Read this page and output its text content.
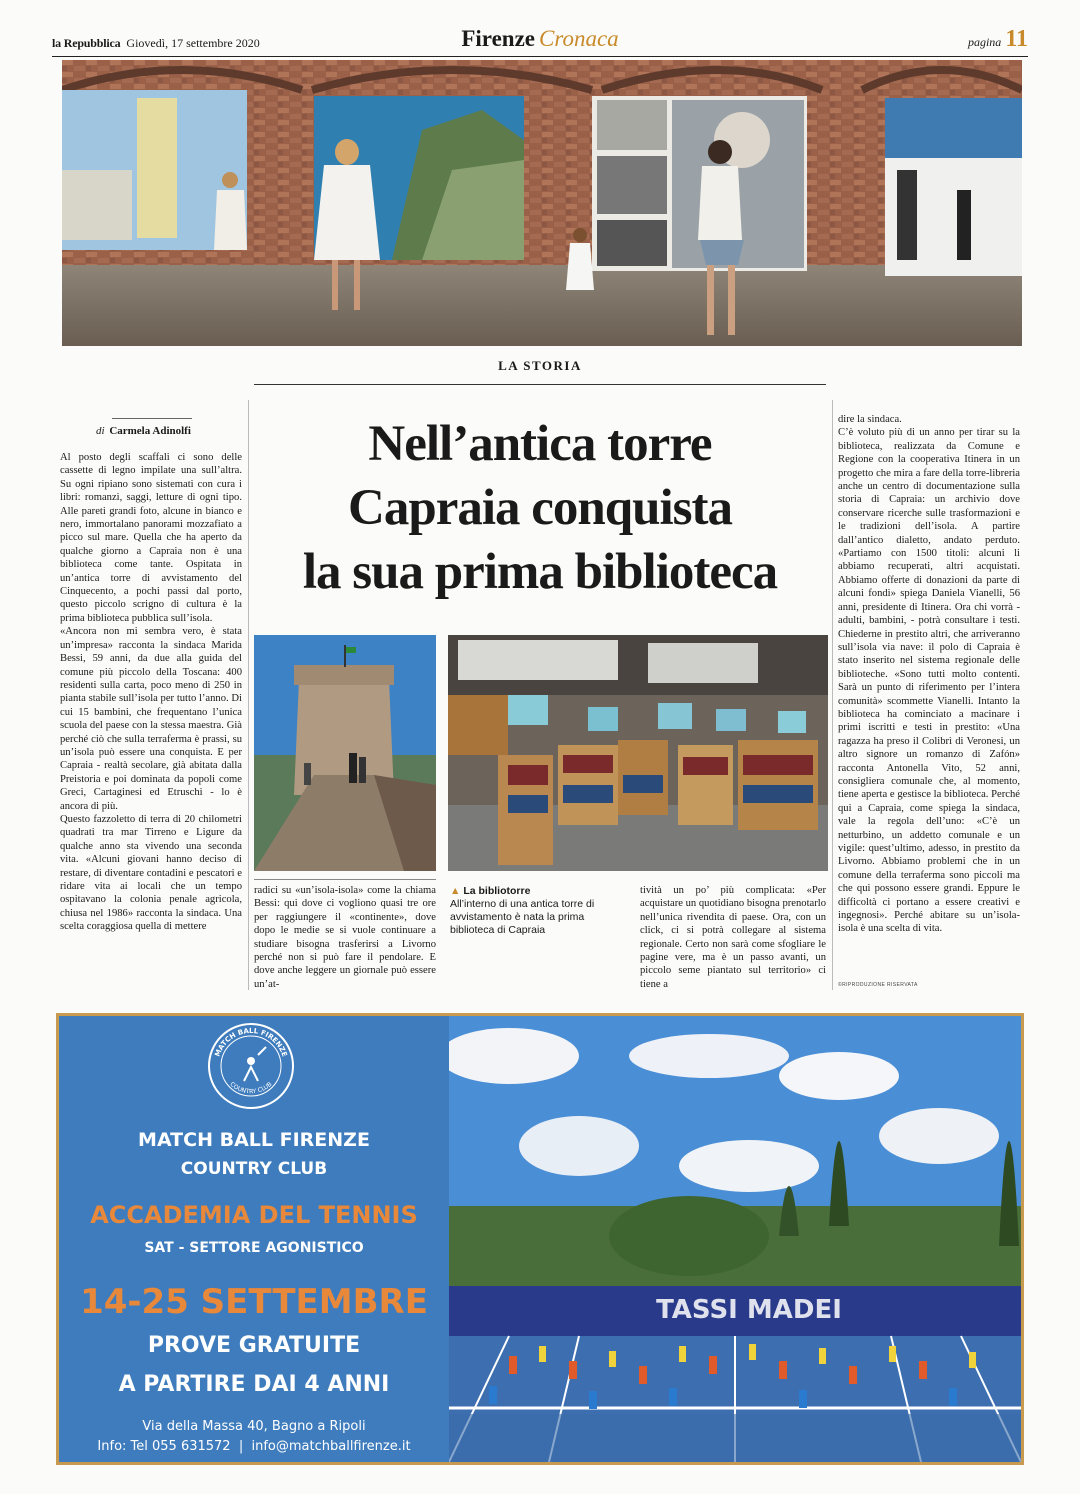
la Repubblica Giovedì, 17 settembre 2020	Firenze Cronaca	pagina 11
LA STORIA
di Carmela Adinolfi
Al posto degli scaffali ci sono delle cassette di legno impilate una sull’altra. Su ogni ripiano sono sistemati con cura i libri: romanzi, saggi, letture di ogni tipo. Alle pareti grandi foto, alcune in bianco e nero, immortalano panorami mozzafiato a picco sul mare. Quella che ha aperto da qualche giorno a Capraia non è una biblioteca come tante. Ospitata in un’antica torre di avvistamento del Cinquecento, a pochi passi dal porto, questo piccolo scrigno di cultura è la prima biblioteca pubblica sull’isola.
«Ancora non mi sembra vero, è stata un’impresa» racconta la sindaca Marida Bessi, 59 anni, da due alla guida del comune più piccolo della Toscana: 400 residenti sulla carta, poco meno di 250 in pianta stabile sull’isola per tutto l’anno. Di cui 15 bambini, che frequentano l’unica scuola del paese con la stessa maestra. Già perché ciò che sulla terraferma è prassi, su un’isola può essere una conquista. E per Capraia - realtà secolare, già abitata dalla Preistoria e poi dominata da popoli come Greci, Cartaginesi ed Etruschi - lo è ancora di più.
Questo fazzoletto di terra di 20 chilometri quadrati tra mar Tirreno e Ligure da qualche anno sta vivendo una seconda vita. «Alcuni giovani hanno deciso di restare, di diventare contadini e pescatori e ridare vita ai locali che un tempo ospitavano la colonia penale agricola, chiusa nel 1986» racconta la sindaca. Una scelta coraggiosa quella di mettere
Nell’antica torre
Capraia conquista
la sua prima biblioteca
radici su «un’isola-isola» come la chiama Bessi: qui dove ci vogliono quasi tre ore per raggiungere il «continente», dove dopo le medie se si vuole continuare a studiare bisogna trasferirsi a Livorno perché non si può fare il pendolare. E dove anche leggere un giornale può essere un’at-
▲ La bibliotorre
All’interno di una antica torre di avvistamento è nata la prima biblioteca di Capraia
tività un po’ più complicata: «Per acquistare un quotidiano bisogna prenotarlo nell’unica rivendita di paese. Ora, con un click, ci si potrà collegare al sistema regionale. Certo non sarà come sfogliare le pagine vere, ma è un passo avanti, un piccolo seme piantato sul territorio» ci tiene a
dire la sindaca.
C’è voluto più di un anno per tirar su la biblioteca, realizzata da Comune e Regione con la cooperativa Itinera in un progetto che mira a fare della torre-libreria anche un centro di documentazione sulla storia di Capraia: un archivio dove conservare ricerche sulle trasformazioni e le tradizioni dell’isola. A partire dall’antico dialetto, andato perduto. «Partiamo con 1500 titoli: alcuni li abbiamo recuperati, altri acquistati. Abbiamo offerte di donazioni da parte di alcuni fondi» spiega Daniela Vianelli, 56 anni, presidente di Itinera. Ora chi vorrà - adulti, bambini, - potrà consultare i testi. Chiederne in prestito altri, che arriveranno sull’isola via nave: il polo di Capraia è stato inserito nel sistema regionale delle biblioteche. «Sono tutti molto contenti. Sarà un punto di riferimento per l’intera comunità» scommette Vianelli. Intanto la biblioteca ha cominciato a macinare i primi iscritti e testi in prestito: «Una ragazza ha preso il Colibrì di Veronesi, un altro signore un romanzo di Zafón» racconta Antonella Vito, 52 anni, consigliera comunale che, al momento, tiene aperta e gestisce la biblioteca. Perché qui a Capraia, come spiega la sindaca, vale la regola dell’uno: «C’è un netturbino, un addetto comunale e un vigile: quest’ultimo, adesso, in prestito da Livorno. Abbiamo problemi che in un comune della terraferma sono piccoli ma che qui possono essere grandi. Eppure le difficoltà ci portano a essere creativi e ingegnosi». Perché abitare su un’isola-isola è una scelta di vita.
©RIPRODUZIONE RISERVATA
MATCH BALL FIRENZE
COUNTRY CLUB
MATCH BALL FIRENZE
COUNTRY CLUB
ACCADEMIA DEL TENNIS
SAT - SETTORE AGONISTICO
14-25 SETTEMBRE
PROVE GRATUITE
A PARTIRE DAI 4 ANNI
Via della Massa 40, Bagno a Ripoli
Info: Tel 055 631572  |  info@matchballfirenze.it
TASSI MADEI
